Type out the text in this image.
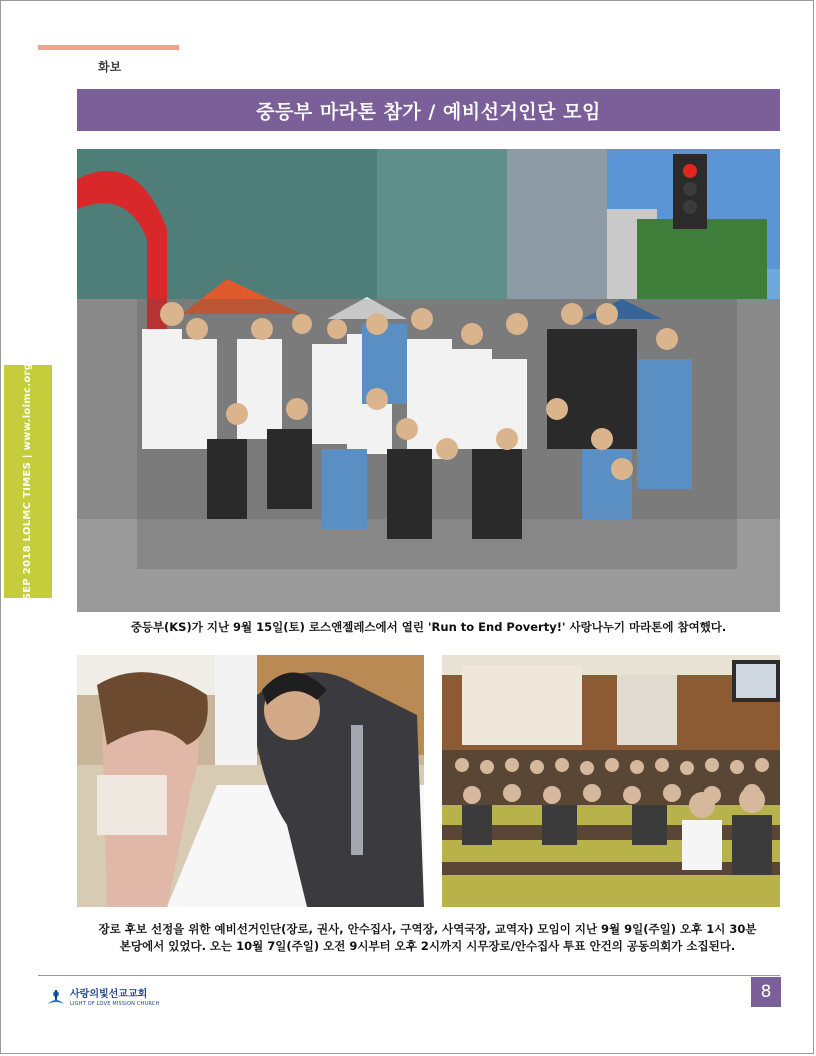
화보
중등부 마라톤 참가 / 예비선거인단 모임
SEP 2018 LOLMC TIMES | www.lolmc.org
중등부(KS)가 지난 9월 15일(토) 로스앤젤레스에서 열린 'Run to End Poverty!' 사랑나누기 마라톤에 참여했다.
장로 후보 선정을 위한 예비선거인단(장로, 권사, 안수집사, 구역장, 사역국장, 교역자) 모임이 지난 9월 9일(주일) 오후 1시 30분
본당에서 있었다. 오는 10월 7일(주일) 오전 9시부터 오후 2시까지 시무장로/안수집사 투표 안건의 공동의회가 소집된다.
사랑의빛선교교회
LIGHT OF LOVE MISSION CHURCH
8
